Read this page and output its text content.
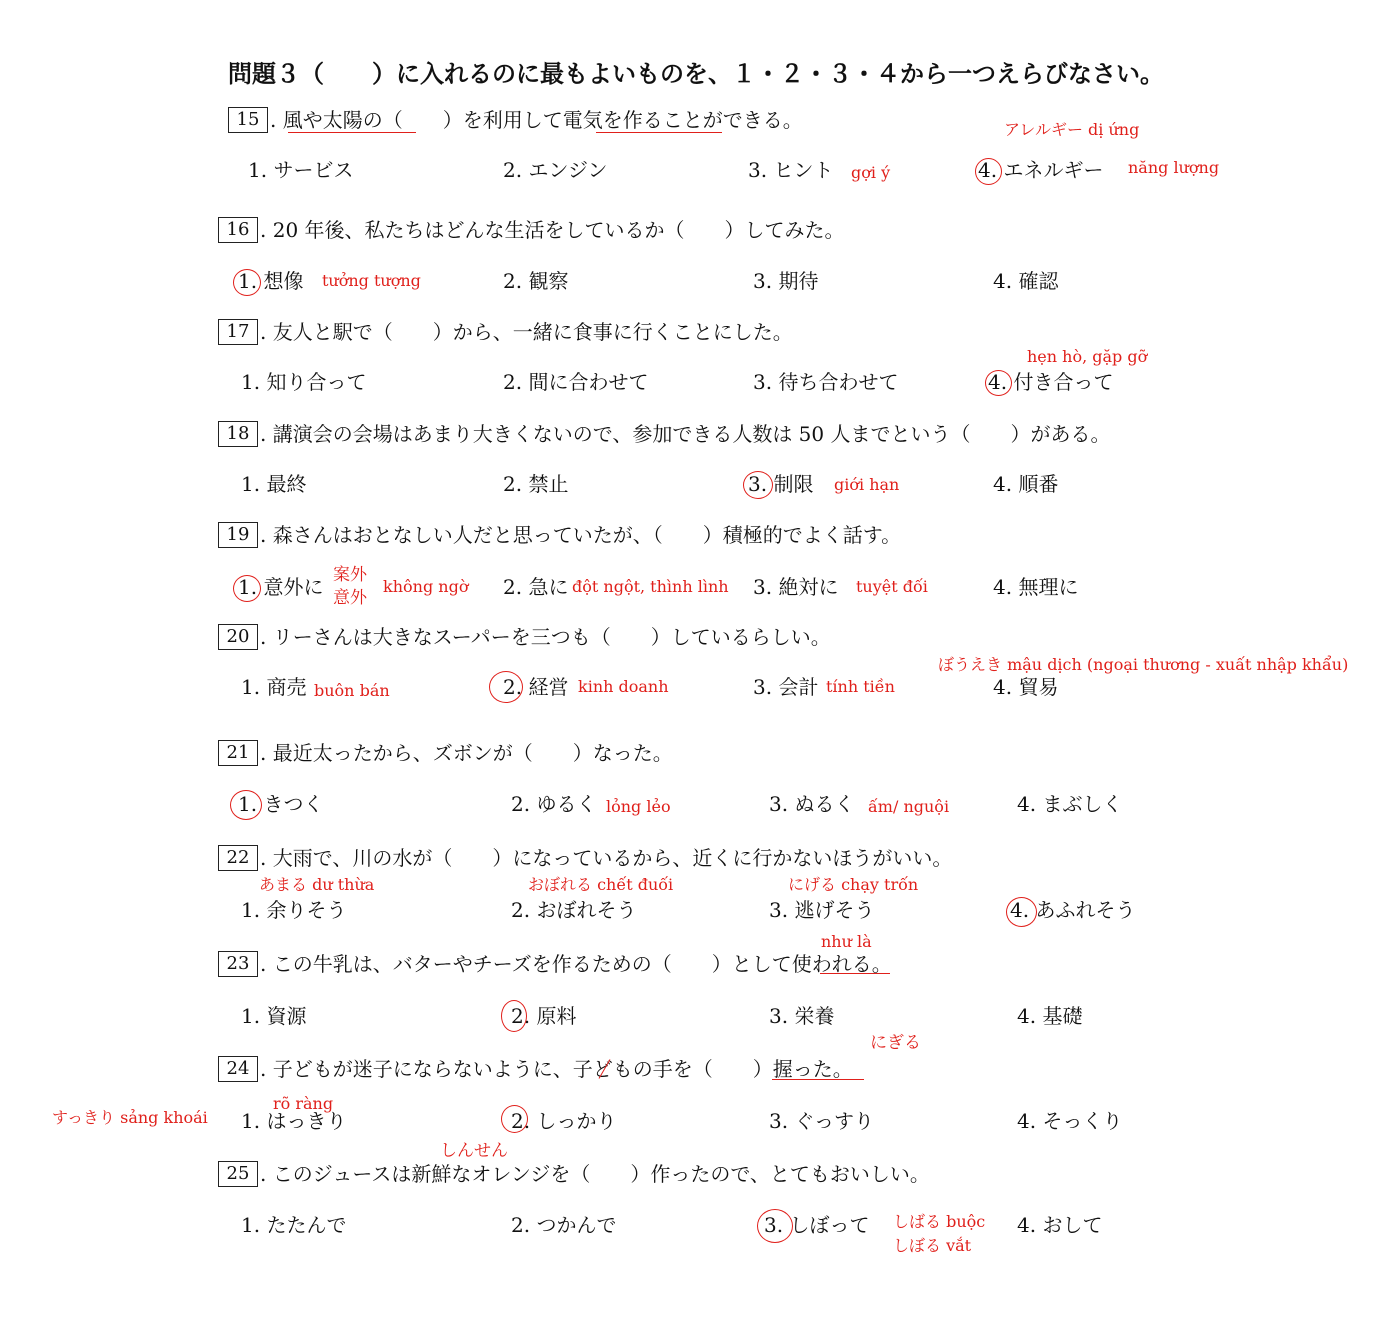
問題３（　　）に入れるのに最もよいものを、１・２・３・４から一つえらびなさい。
15 . 風や太陽の（　　）を利用して電気を作ることができる。
1. サービス	2. エンジン	3. ヒント	4. エネルギー
アレルギー dị ứng
gợi ý	năng lượng
16 . 20 年後、私たちはどんな生活をしているか（　　）してみた。
1. 想像	2. 観察	3. 期待	4. 確認
tưởng tượng
17 . 友人と駅で（　　）から、一緒に食事に行くことにした。
1. 知り合って	2. 間に合わせて	3. 待ち合わせて	4. 付き合って
hẹn hò, gặp gỡ
18 . 講演会の会場はあまり大きくないので、参加できる人数は 50 人までという（　　）がある。
1. 最終	2. 禁止	3. 制限	4. 順番
giới hạn
19 . 森さんはおとなしい人だと思っていたが、（　　）積極的でよく話す。
1. 意外に	2. 急に	3. 絶対に	4. 無理に
案外
意外
không ngờ	đột ngột, thình lình	tuyệt đối
20 . リーさんは大きなスーパーを三つも（　　）しているらしい。
1. 商売	2. 経営	3. 会計	4. 貿易
ぼうえき mậu dịch (ngoại thương - xuất nhập khẩu)
buôn bán	kinh doanh	tính tiền
21 . 最近太ったから、ズボンが（　　）なった。
1. きつく	2. ゆるく	3. ぬるく	4. まぶしく
lỏng lẻo	ấm/ nguội
22 . 大雨で、川の水が（　　）になっているから、近くに行かないほうがいい。
1. 余りそう	2. おぼれそう	3. 逃げそう	4. あふれそう
あまる dư thừa	おぼれる chết đuối	にげる chạy trốn
23 . この牛乳は、バターやチーズを作るための（　　）として使われる。
1. 資源	2. 原料	3. 栄養	4. 基礎
như là
24 . 子どもが迷子にならないように、子どもの手を（　　）握った。
1. はっきり	2. しっかり	3. ぐっすり	4. そっくり
にぎる
rõ ràng
すっきり sảng khoái
25 . このジュースは新鮮なオレンジを（　　）作ったので、とてもおいしい。
1. たたんで	2. つかんで	3. しぼって	4. おして
しんせん
しばる buộc
しぼる vắt
